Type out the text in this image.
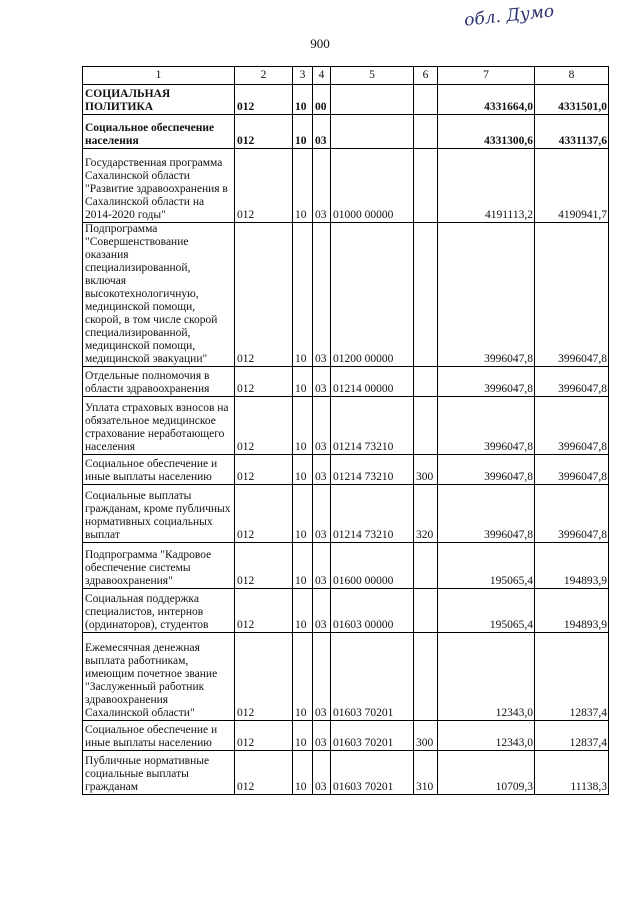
обл. Думо
900
1	2	3	4	5	6	7	8
СОЦИАЛЬНАЯ ПОЛИТИКА	012	10	00			4331664,0	4331501,0
Социальное обеспечение населения	012	10	03			4331300,6	4331137,6
Государственная программа Сахалинской области "Развитие здравоохранения в Сахалинской области на 2014-2020 годы"	012	10	03	01000 00000		4191113,2	4190941,7
Подпрограмма "Совершенствование оказания специализированной, включая высокотехнологичную, медицинской помощи, скорой, в том числе скорой специализированной, медицинской помощи, медицинской эвакуации"	012	10	03	01200 00000		3996047,8	3996047,8
Отдельные полномочия в области здравоохранения	012	10	03	01214 00000		3996047,8	3996047,8
Уплата страховых взносов на обязательное медицинское страхование неработающего населения	012	10	03	01214 73210		3996047,8	3996047,8
Социальное обеспечение и иные выплаты населению	012	10	03	01214 73210	300	3996047,8	3996047,8
Социальные выплаты гражданам, кроме публичных нормативных социальных выплат	012	10	03	01214 73210	320	3996047,8	3996047,8
Подпрограмма "Кадровое обеспечение системы здравоохранения"	012	10	03	01600 00000		195065,4	194893,9
Социальная поддержка специалистов, интернов (ординаторов), студентов	012	10	03	01603 00000		195065,4	194893,9
Ежемесячная денежная выплата работникам, имеющим почетное звание "Заслуженный работник здравоохранения Сахалинской области"	012	10	03	01603 70201		12343,0	12837,4
Социальное обеспечение и иные выплаты населению	012	10	03	01603 70201	300	12343,0	12837,4
Публичные нормативные социальные выплаты гражданам	012	10	03	01603 70201	310	10709,3	11138,3
